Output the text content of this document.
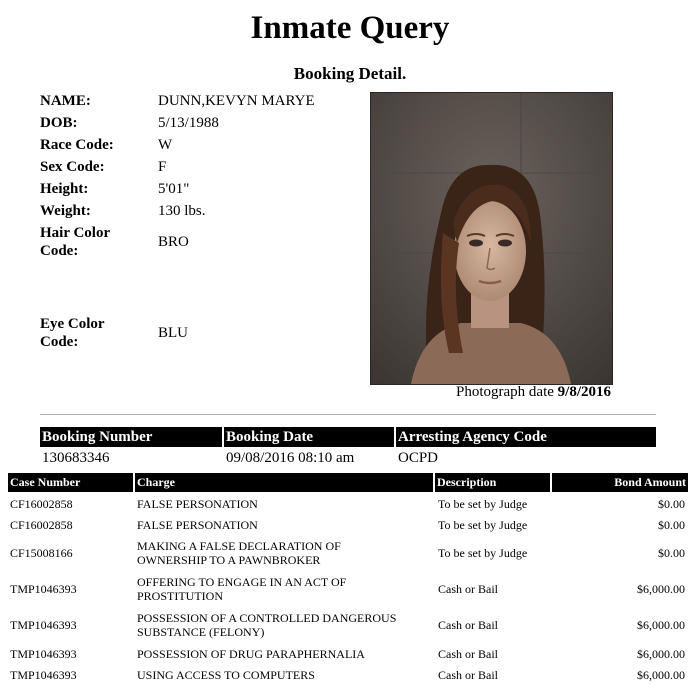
Inmate Query
Booking Detail.
NAME:	DUNN,KEVYN MARYE
DOB:	5/13/1988
Race Code:	W
Sex Code:	F
Height:	5'01"
Weight:	130 lbs.
Hair Color Code:
BRO
Eye Color Code:
BLU
Photograph date 9/8/2016
Booking Number	Booking Date	Arresting Agency Code
130683346	09/08/2016 08:10 am	OCPD
Case Number	Charge	Description	Bond Amount
CF16002858	FALSE PERSONATION	To be set by Judge	$0.00
CF16002858	FALSE PERSONATION	To be set by Judge	$0.00
CF15008166	MAKING A FALSE DECLARATION OF OWNERSHIP TO A PAWNBROKER	To be set by Judge	$0.00
TMP1046393	OFFERING TO ENGAGE IN AN ACT OF PROSTITUTION	Cash or Bail	$6,000.00
TMP1046393	POSSESSION OF A CONTROLLED DANGEROUS SUBSTANCE (FELONY)	Cash or Bail	$6,000.00
TMP1046393	POSSESSION OF DRUG PARAPHERNALIA	Cash or Bail	$6,000.00
TMP1046393	USING ACCESS TO COMPUTERS	Cash or Bail	$6,000.00
